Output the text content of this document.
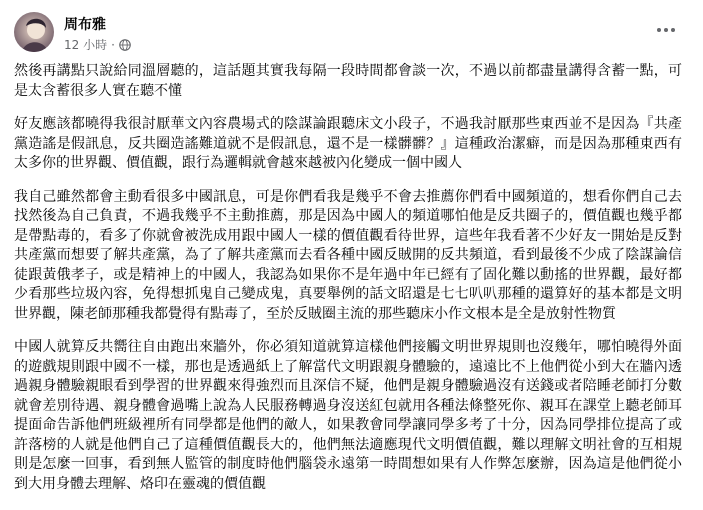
周布雅
12 小時 ·

然後再講點只說給同溫層聽的，這話題其實我每隔一段時間都會談一次，不過以前都盡量講得含蓄一點，可是太含蓄很多人實在聽不懂

好友應該都曉得我很討厭華文內容農場式的陰謀論跟聽床文小段子，不過我討厭那些東西並不是因為『共產黨造謠是假訊息，反共圈造謠難道就不是假訊息，還不是一樣髒髒？』這種政治潔癖，而是因為那種東西有太多你的世界觀、價值觀，跟行為邏輯就會越來越被內化變成一個中國人

我自己雖然都會主動看很多中國訊息，可是你們看我是幾乎不會去推薦你們看中國頻道的，想看你們自己去找然後為自己負責，不過我幾乎不主動推薦，那是因為中國人的頻道哪怕他是反共圈子的，價值觀也幾乎都是帶點毒的，看多了你就會被洗成用跟中國人一樣的價值觀看待世界，這些年我看著不少好友一開始是反對共產黨而想要了解共產黨，為了了解共產黨而去看各種中國反賊開的反共頻道，看到最後不少成了陰謀論信徒跟黃俄孝子，或是精神上的中國人，我認為如果你不是年過中年已經有了固化難以動搖的世界觀，最好都少看那些垃圾內容，免得想抓鬼自己變成鬼，真要舉例的話文昭還是七七叭叭那種的還算好的基本都是文明世界觀，陳老師那種我都覺得有點毒了，至於反賊圈主流的那些聽床小作文根本是全是放射性物質

中國人就算反共嚮往自由跑出來牆外，你必須知道就算這樣他們接觸文明世界規則也沒幾年，哪怕曉得外面的遊戲規則跟中國不一樣，那也是透過紙上了解當代文明跟親身體驗的，遠遠比不上他們從小到大在牆內透過親身體驗親眼看到學習的世界觀來得強烈而且深信不疑，他們是親身體驗過沒有送錢或者陪睡老師打分數就會差別待遇、親身體會過嘴上說為人民服務轉過身沒送紅包就用各種法條整死你、親耳在課堂上聽老師耳提面命告訴他們班級裡所有同學都是他們的敵人，如果教會同學讓同學多考了十分，因為同學排位提高了或許落榜的人就是他們自己了這種價值觀長大的，他們無法適應現代文明價值觀，難以理解文明社會的互相規則是怎麼一回事，看到無人監管的制度時他們腦袋永遠第一時間想如果有人作弊怎麼辦，因為這是他們從小到大用身體去理解、烙印在靈魂的價值觀
